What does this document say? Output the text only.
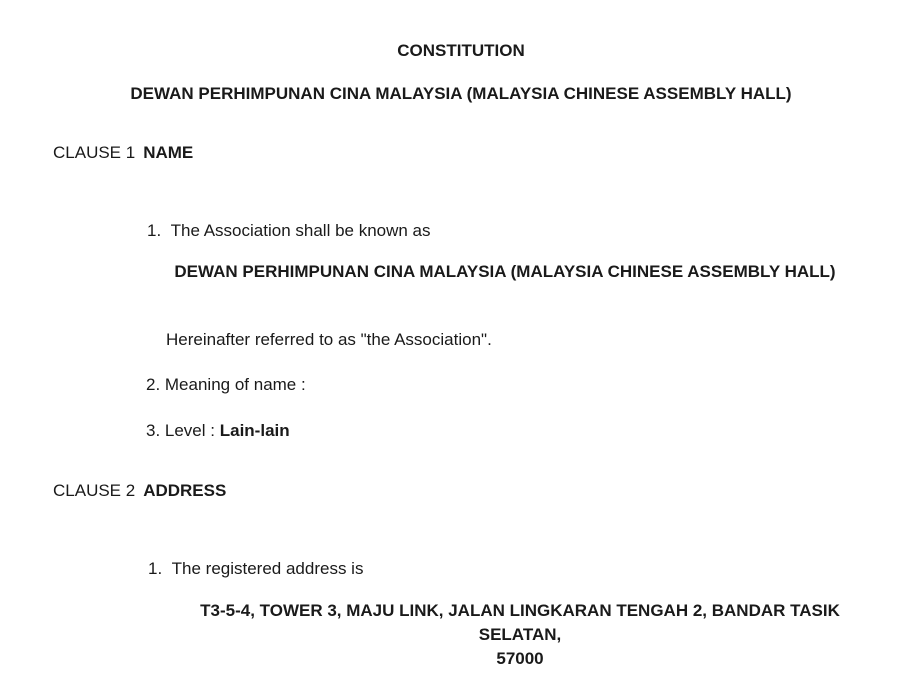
CONSTITUTION
DEWAN PERHIMPUNAN CINA MALAYSIA (MALAYSIA CHINESE ASSEMBLY HALL)
CLAUSE 1 NAME
1. The Association shall be known as
DEWAN PERHIMPUNAN CINA MALAYSIA (MALAYSIA CHINESE ASSEMBLY HALL)
Hereinafter referred to as "the Association".
2. Meaning of name :
3. Level : Lain-lain
CLAUSE 2 ADDRESS
1. The registered address is
T3-5-4, TOWER 3, MAJU LINK, JALAN LINGKARAN TENGAH 2, BANDAR TASIK SELATAN,
57000
